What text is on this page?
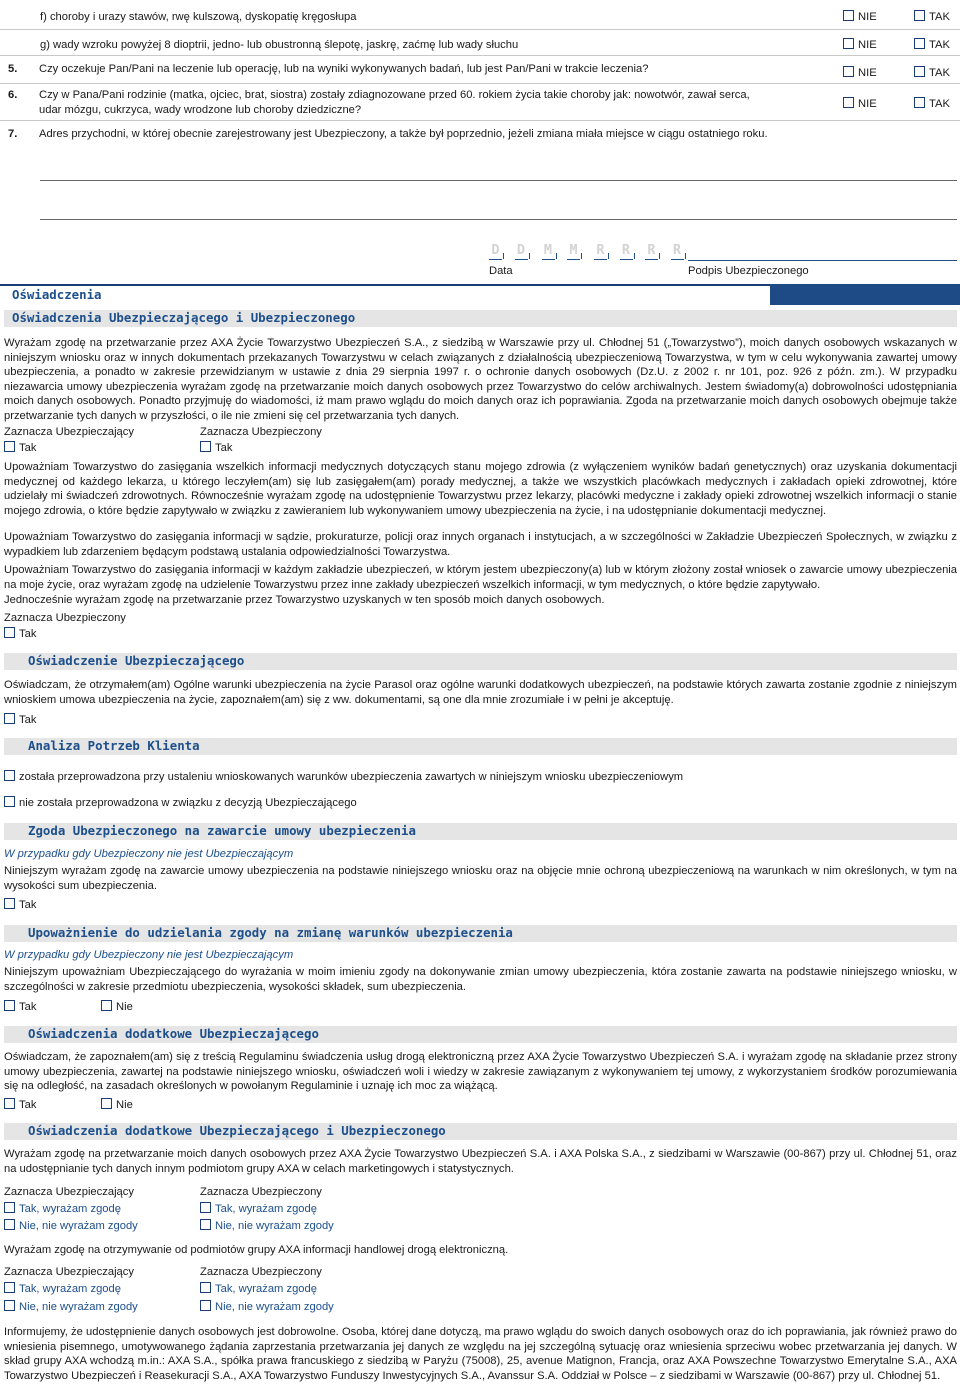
f) choroby i urazy stawów, rwę kulszową, dyskopatię kręgosłupa	NIE	TAK
g) wady wzroku powyżej 8 dioptrii, jedno- lub obustronną ślepotę, jaskrę, zaćmę lub wady słuchu	NIE	TAK
5. Czy oczekuje Pan/Pani na leczenie lub operację, lub na wyniki wykonywanych badań, lub jest Pan/Pani w trakcie leczenia?	NIE	TAK
6. Czy w Pana/Pani rodzinie (matka, ojciec, brat, siostra) zostały zdiagnozowane przed 60. rokiem życia takie choroby jak: nowotwór, zawał serca,
udar mózgu, cukrzyca, wady wrodzone lub choroby dziedziczne?	NIE	TAK
7. Adres przychodni, w której obecnie zarejestrowany jest Ubezpieczony, a także był poprzednio, jeżeli zmiana miała miejsce w ciągu ostatniego roku.
D D M M R R R R
Data	Podpis Ubezpieczonego
Oświadczenia
Oświadczenia Ubezpieczającego i Ubezpieczonego
Wyrażam zgodę na przetwarzanie przez AXA Życie Towarzystwo Ubezpieczeń S.A., z siedzibą w Warszawie przy ul. Chłodnej 51 („Towarzystwo”), moich danych osobowych wskazanych w niniejszym wniosku oraz w innych dokumentach przekazanych Towarzystwu w celach związanych z działalnością ubezpieczeniową Towarzystwa, w tym w celu wykonywania zawartej umowy ubezpieczenia, a ponadto w zakresie przewidzianym w ustawie z dnia 29 sierpnia 1997 r. o ochronie danych osobowych (Dz.U. z 2002 r. nr 101, poz. 926 z późn. zm.). W przypadku niezawarcia umowy ubezpieczenia wyrażam zgodę na przetwarzanie moich danych osobowych przez Towarzystwo do celów archiwalnych. Jestem świadomy(a) dobrowolności udostępniania moich danych osobowych. Ponadto przyjmuję do wiadomości, iż mam prawo wglądu do moich danych oraz ich poprawiania. Zgoda na przetwarzanie moich danych osobowych obejmuje także przetwarzanie tych danych w przyszłości, o ile nie zmieni się cel przetwarzania tych danych.
Zaznacza Ubezpieczający	Zaznacza Ubezpieczony
Tak	Tak
Upoważniam Towarzystwo do zasięgania wszelkich informacji medycznych dotyczących stanu mojego zdrowia (z wyłączeniem wyników badań genetycznych) oraz uzyskania dokumentacji medycznej od każdego lekarza, u którego leczyłem(am) się lub zasięgałem(am) porady medycznej, a także we wszystkich placówkach medycznych i zakładach opieki zdrowotnej, które udzielały mi świadczeń zdrowotnych. Równocześnie wyrażam zgodę na udostępnienie Towarzystwu przez lekarzy, placówki medyczne i zakłady opieki zdrowotnej wszelkich informacji o stanie mojego zdrowia, o które będzie zapytywało w związku z zawieraniem lub wykonywaniem umowy ubezpieczenia na życie, i na udostępnianie dokumentacji medycznej.
Upoważniam Towarzystwo do zasięgania informacji w sądzie, prokuraturze, policji oraz innych organach i instytucjach, a w szczególności w Zakładzie Ubezpieczeń Społecznych, w związku z wypadkiem lub zdarzeniem będącym podstawą ustalania odpowiedzialności Towarzystwa.
Upoważniam Towarzystwo do zasięgania informacji w każdym zakładzie ubezpieczeń, w którym jestem ubezpieczony(a) lub w którym złożony został wniosek o zawarcie umowy ubezpieczenia na moje życie, oraz wyrażam zgodę na udzielenie Towarzystwu przez inne zakłady ubezpieczeń wszelkich informacji, w tym medycznych, o które będzie zapytywało.
Jednocześnie wyrażam zgodę na przetwarzanie przez Towarzystwo uzyskanych w ten sposób moich danych osobowych.
Zaznacza Ubezpieczony
Tak
Oświadczenie Ubezpieczającego
Oświadczam, że otrzymałem(am) Ogólne warunki ubezpieczenia na życie Parasol oraz ogólne warunki dodatkowych ubezpieczeń, na podstawie których zawarta zostanie zgodnie z niniejszym wnioskiem umowa ubezpieczenia na życie, zapoznałem(am) się z ww. dokumentami, są one dla mnie zrozumiałe i w pełni je akceptuję.
Tak
Analiza Potrzeb Klienta
została przeprowadzona przy ustaleniu wnioskowanych warunków ubezpieczenia zawartych w niniejszym wniosku ubezpieczeniowym
nie została przeprowadzona w związku z decyzją Ubezpieczającego
Zgoda Ubezpieczonego na zawarcie umowy ubezpieczenia
W przypadku gdy Ubezpieczony nie jest Ubezpieczającym
Niniejszym wyrażam zgodę na zawarcie umowy ubezpieczenia na podstawie niniejszego wniosku oraz na objęcie mnie ochroną ubezpieczeniową na warunkach w nim określonych, w tym na wysokości sum ubezpieczenia.
Tak
Upoważnienie do udzielania zgody na zmianę warunków ubezpieczenia
W przypadku gdy Ubezpieczony nie jest Ubezpieczającym
Niniejszym upoważniam Ubezpieczającego do wyrażania w moim imieniu zgody na dokonywanie zmian umowy ubezpieczenia, która zostanie zawarta na podstawie niniejszego wniosku, w szczególności w zakresie przedmiotu ubezpieczenia, wysokości składek, sum ubezpieczenia.
Tak	Nie
Oświadczenia dodatkowe Ubezpieczającego
Oświadczam, że zapoznałem(am) się z treścią Regulaminu świadczenia usług drogą elektroniczną przez AXA Życie Towarzystwo Ubezpieczeń S.A. i wyrażam zgodę na składanie przez strony umowy ubezpieczenia, zawartej na podstawie niniejszego wniosku, oświadczeń woli i wiedzy w zakresie zawiązanym z wykonywaniem tej umowy, z wykorzystaniem środków porozumiewania się na odległość, na zasadach określonych w powołanym Regulaminie i uznaję ich moc za wiążącą.
Tak	Nie
Oświadczenia dodatkowe Ubezpieczającego i Ubezpieczonego
Wyrażam zgodę na przetwarzanie moich danych osobowych przez AXA Życie Towarzystwo Ubezpieczeń S.A. i AXA Polska S.A., z siedzibami w Warszawie (00-867) przy ul. Chłodnej 51, oraz na udostępnianie tych danych innym podmiotom grupy AXA w celach marketingowych i statystycznych.
Zaznacza Ubezpieczający	Zaznacza Ubezpieczony
Tak, wyrażam zgodę	Tak, wyrażam zgodę
Nie, nie wyrażam zgody	Nie, nie wyrażam zgody
Wyrażam zgodę na otrzymywanie od podmiotów grupy AXA informacji handlowej drogą elektroniczną.
Zaznacza Ubezpieczający	Zaznacza Ubezpieczony
Tak, wyrażam zgodę	Tak, wyrażam zgodę
Nie, nie wyrażam zgody	Nie, nie wyrażam zgody
Informujemy, że udostępnienie danych osobowych jest dobrowolne. Osoba, której dane dotyczą, ma prawo wglądu do swoich danych osobowych oraz do ich poprawiania, jak również prawo do wniesienia pisemnego, umotywowanego żądania zaprzestania przetwarzania jej danych ze względu na jej szczególną sytuację oraz wniesienia sprzeciwu wobec przetwarzania jej danych. W skład grupy AXA wchodzą m.in.: AXA S.A., spółka prawa francuskiego z siedzibą w Paryżu (75008), 25, avenue Matignon, Francja, oraz AXA Powszechne Towarzystwo Emerytalne S.A., AXA Towarzystwo Ubezpieczeń i Reasekuracji S.A., AXA Towarzystwo Funduszy Inwestycyjnych S.A., Avanssur S.A. Oddział w Polsce – z siedzibami w Warszawie (00-867) przy ul. Chłodnej 51.
